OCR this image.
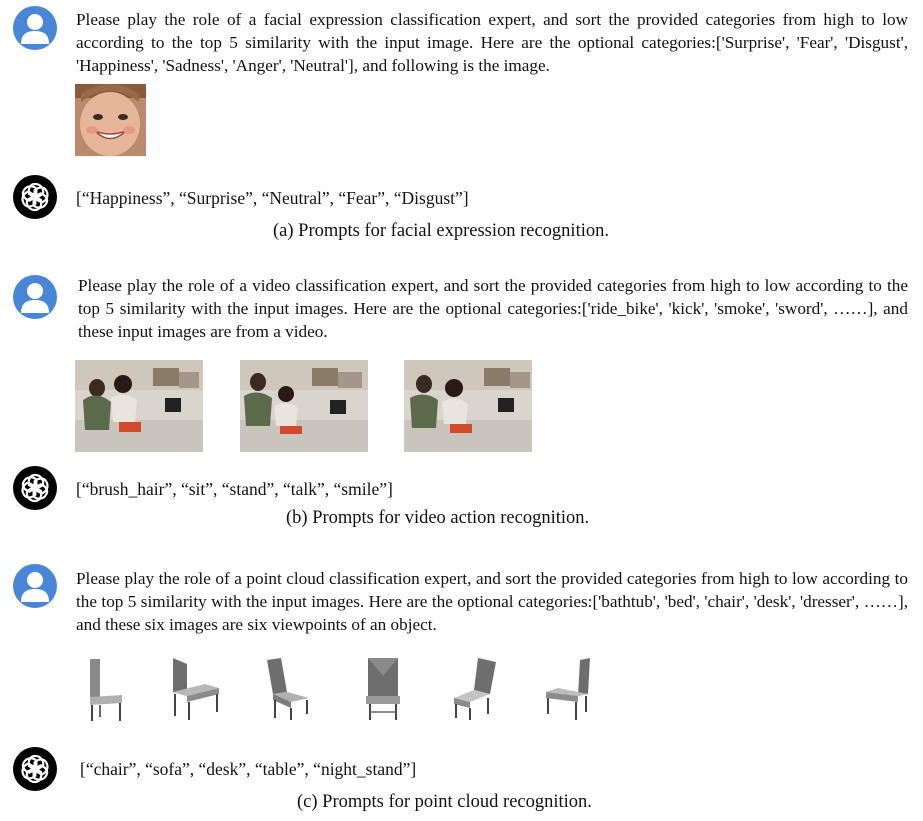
Please play the role of a facial expression classification expert, and sort the provided categories from high to low according to the top 5 similarity with the input image. Here are the optional categories:['Surprise', 'Fear', 'Disgust', 'Happiness', 'Sadness', 'Anger', 'Neutral'], and following is the image.
[“Happiness”, “Surprise”, “Neutral”, “Fear”, “Disgust”]
(a) Prompts for facial expression recognition.
Please play the role of a video classification expert, and sort the provided categories from high to low according to the top 5 similarity with the input images. Here are the optional categories:['ride_bike', 'kick', 'smoke', 'sword', ……], and these input images are from a video.
[“brush_hair”, “sit”, “stand”, “talk”, “smile”]
(b) Prompts for video action recognition.
Please play the role of a point cloud classification expert, and sort the provided categories from high to low according to the top 5 similarity with the input images. Here are the optional categories:['bathtub', 'bed', 'chair', 'desk', 'dresser', ……], and these six images are six viewpoints of an object.
[“chair”, “sofa”, “desk”, “table”, “night_stand”]
(c) Prompts for point cloud recognition.
